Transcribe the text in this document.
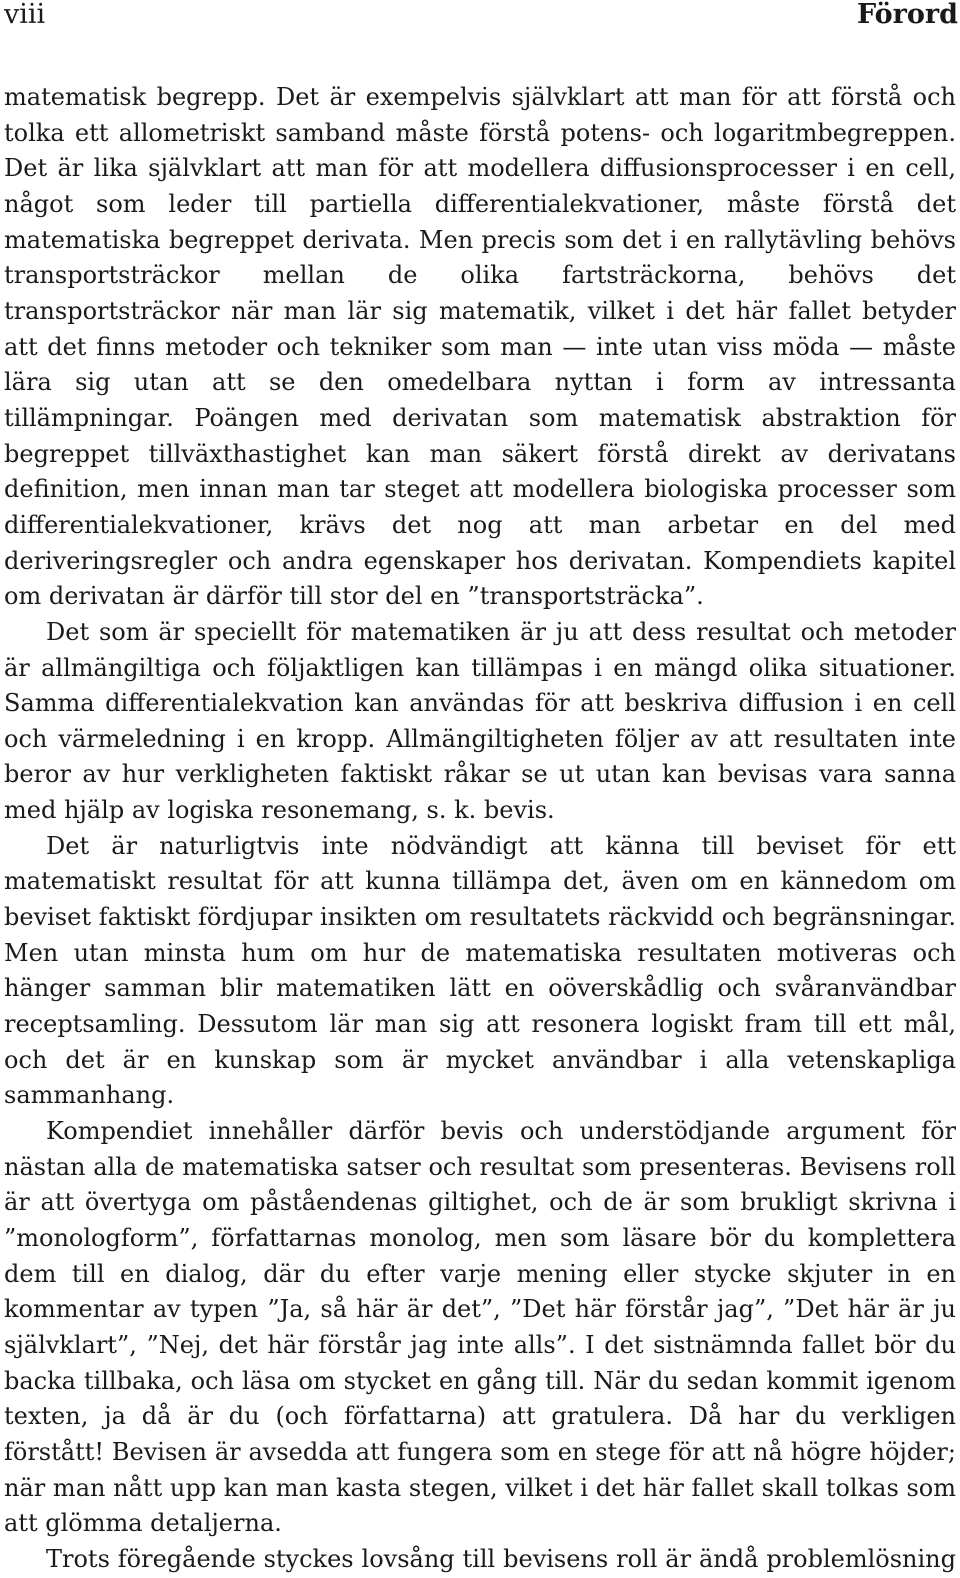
viii	Förord

matematisk begrepp. Det är exempelvis självklart att man för att förstå och tolka ett allometriskt samband måste förstå potens- och logaritmbegreppen. Det är lika självklart att man för att modellera diffusionsprocesser i en cell, något som leder till partiella differentialekvationer, måste förstå det matematiska begreppet derivata. Men precis som det i en rallytävling behövs transportsträckor mellan de olika fartsträckorna, behövs det transportsträckor när man lär sig matematik, vilket i det här fallet betyder att det finns metoder och tekniker som man — inte utan viss möda — måste lära sig utan att se den omedelbara nyttan i form av intressanta tillämpningar. Poängen med derivatan som matematisk abstraktion för begreppet tillväxthastighet kan man säkert förstå direkt av derivatans definition, men innan man tar steget att modellera biologiska processer som differentialekvationer, krävs det nog att man arbetar en del med deriveringsregler och andra egenskaper hos derivatan. Kompendiets kapitel om derivatan är därför till stor del en ”transportsträcka”.

Det som är speciellt för matematiken är ju att dess resultat och metoder är allmängiltiga och följaktligen kan tillämpas i en mängd olika situationer. Samma differentialekvation kan användas för att beskriva diffusion i en cell och värmeledning i en kropp. Allmängiltigheten följer av att resultaten inte beror av hur verkligheten faktiskt råkar se ut utan kan bevisas vara sanna med hjälp av logiska resonemang, s. k. bevis.

Det är naturligtvis inte nödvändigt att känna till beviset för ett matematiskt resultat för att kunna tillämpa det, även om en kännedom om beviset faktiskt fördjupar insikten om resultatets räckvidd och begränsningar. Men utan minsta hum om hur de matematiska resultaten motiveras och hänger samman blir matematiken lätt en oöverskådlig och svåranvändbar receptsamling. Dessutom lär man sig att resonera logiskt fram till ett mål, och det är en kunskap som är mycket användbar i alla vetenskapliga sammanhang.

Kompendiet innehåller därför bevis och understödjande argument för nästan alla de matematiska satser och resultat som presenteras. Bevisens roll är att övertyga om påståendenas giltighet, och de är som brukligt skrivna i ”monologform”, författarnas monolog, men som läsare bör du komplettera dem till en dialog, där du efter varje mening eller stycke skjuter in en kommentar av typen ”Ja, så här är det”, ”Det här förstår jag”, ”Det här är ju självklart”, ”Nej, det här förstår jag inte alls”. I det sistnämnda fallet bör du backa tillbaka, och läsa om stycket en gång till. När du sedan kommit igenom texten, ja då är du (och författarna) att gratulera. Då har du verkligen förstått! Bevisen är avsedda att fungera som en stege för att nå högre höjder; när man nått upp kan man kasta stegen, vilket i det här fallet skall tolkas som att glömma detaljerna.

Trots föregående styckes lovsång till bevisens roll är ändå problemlösning
